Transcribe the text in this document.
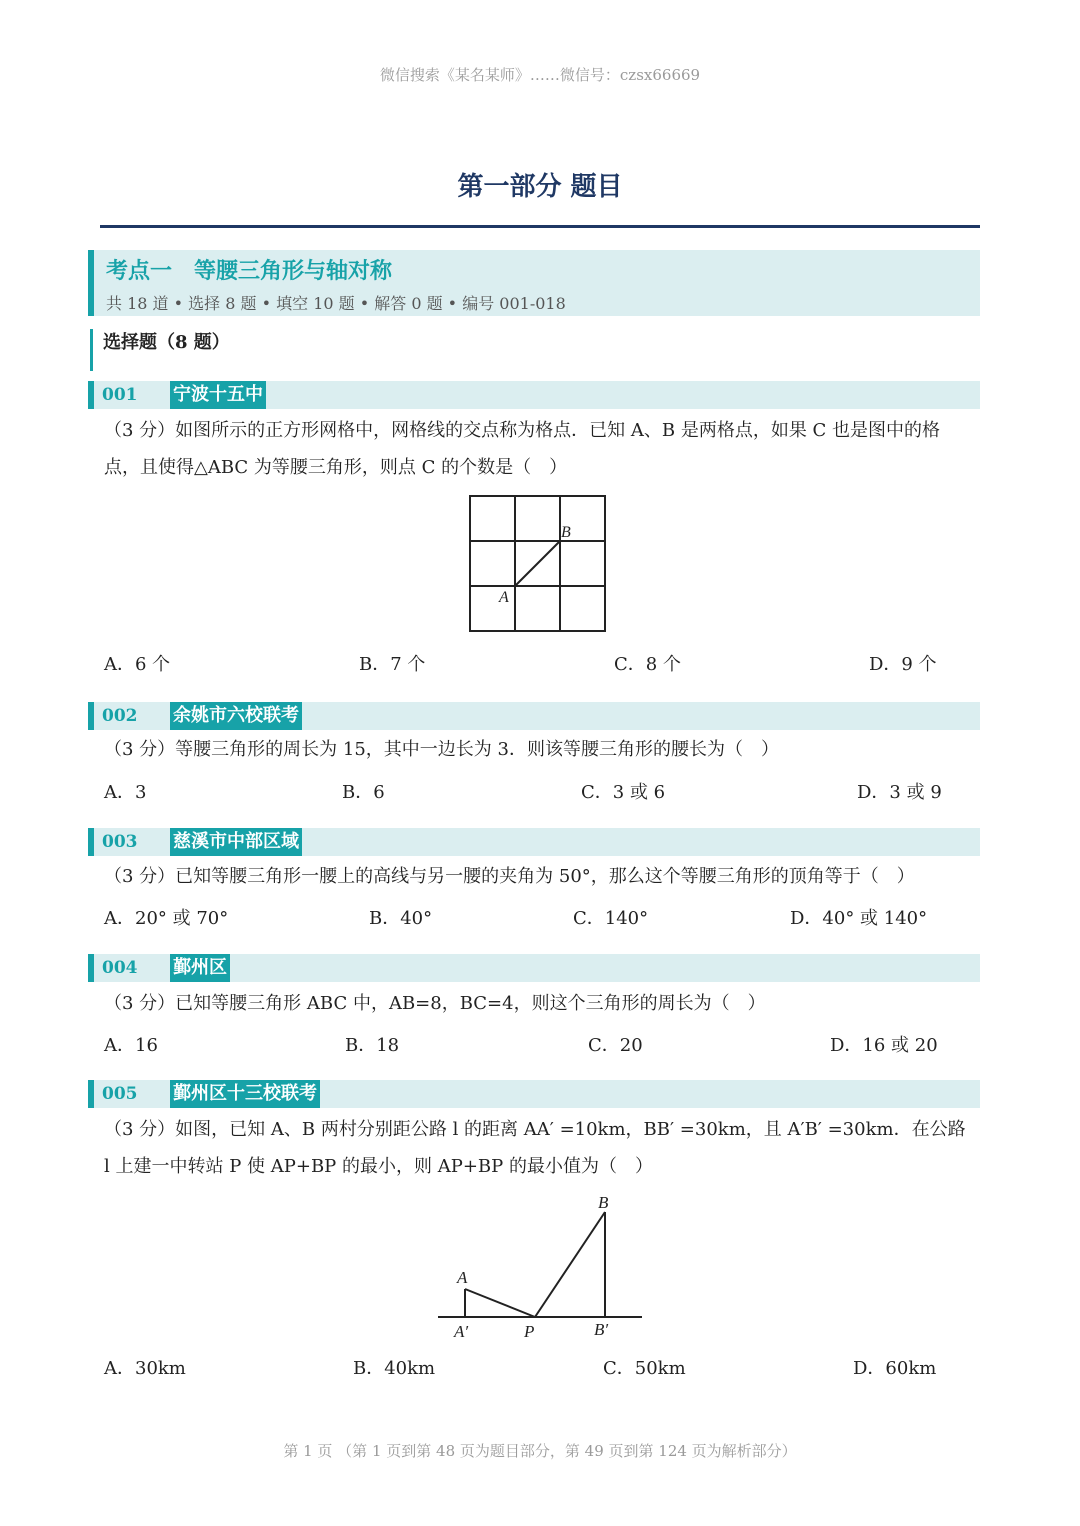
微信搜索《某名某师》……微信号：czsx66669
第一部分 题目
考点一 等腰三角形与轴对称
共 18 道 • 选择 8 题 • 填空 10 题 • 解答 0 题 • 编号 001-018
选择题（8 题）
001 宁波十五中
（3 分）如图所示的正方形网格中，网格线的交点称为格点．已知 A、B 是两格点，如果 C 也是图中的格点，且使得△ABC 为等腰三角形，则点 C 的个数是（　）
B
A
A．6 个	B．7 个	C．8 个	D．9 个
002 余姚市六校联考
（3 分）等腰三角形的周长为 15，其中一边长为 3．则该等腰三角形的腰长为（　）
A．3	B．6	C．3 或 6	D．3 或 9
003 慈溪市中部区域
（3 分）已知等腰三角形一腰上的高线与另一腰的夹角为 50°，那么这个等腰三角形的顶角等于（　）
A．20° 或 70°	B．40°	C．140°	D．40° 或 140°
004 鄞州区
（3 分）已知等腰三角形 ABC 中，AB=8，BC=4，则这个三角形的周长为（　）
A．16	B．18	C．20	D．16 或 20
005 鄞州区十三校联考
（3 分）如图，已知 A、B 两村分别距公路 l 的距离 AA′ =10km，BB′ =30km，且 A′B′ =30km．在公路 l 上建一中转站 P 使 AP+BP 的最小，则 AP+BP 的最小值为（　）
B
A
A′	P	B′
A．30km	B．40km	C．50km	D．60km
第 1 页 （第 1 页到第 48 页为题目部分，第 49 页到第 124 页为解析部分）
